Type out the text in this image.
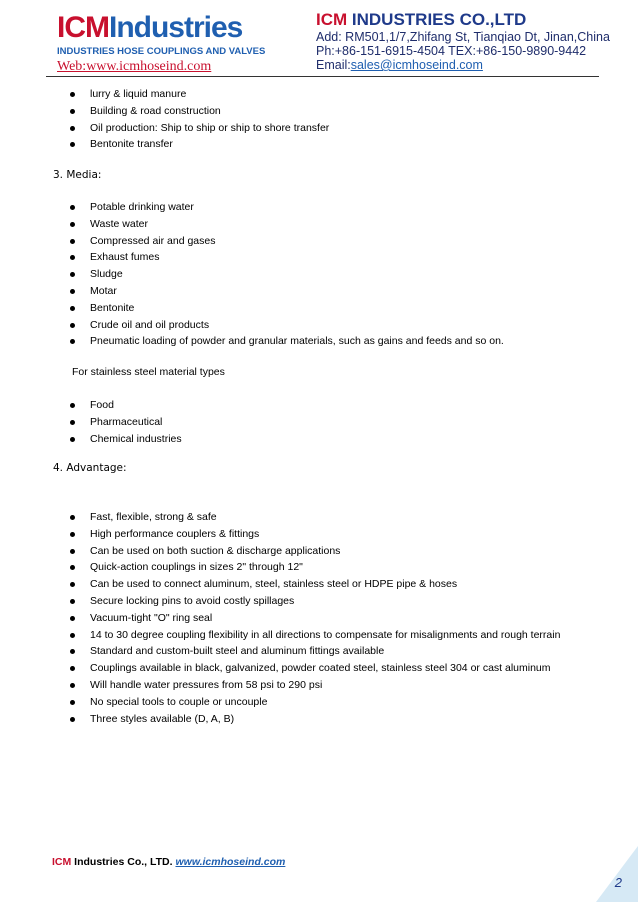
ICMIndustries
INDUSTRIES HOSE COUPLINGS AND VALVES
Web:www.icmhoseind.com
ICM INDUSTRIES CO.,LTD
Add: RM501,1/7,Zhifang St, Tianqiao Dt, Jinan,China
Ph:+86-151-6915-4504 TEX:+86-150-9890-9442
Email:sales@icmhoseind.com
lurry & liquid manure
Building & road construction
Oil production: Ship to ship or ship to shore transfer
Bentonite transfer
3. Media:
Potable drinking water
Waste water
Compressed air and gases
Exhaust fumes
Sludge
Motar
Bentonite
Crude oil and oil products
Pneumatic loading of powder and granular materials, such as gains and feeds and so on.
For stainless steel material types
Food
Pharmaceutical
Chemical industries
4. Advantage:
Fast, flexible, strong & safe
High performance couplers & fittings
Can be used on both suction & discharge applications
Quick-action couplings in sizes 2" through 12"
Can be used to connect aluminum, steel, stainless steel or HDPE pipe & hoses
Secure locking pins to avoid costly spillages
Vacuum-tight "O" ring seal
14 to 30 degree coupling flexibility in all directions to compensate for misalignments and rough terrain
Standard and custom-built steel and aluminum fittings available
Couplings available in black, galvanized, powder coated steel, stainless steel 304 or cast aluminum
Will handle water pressures from 58 psi to 290 psi
No special tools to couple or uncouple
Three styles available (D, A, B)
ICM Industries Co., LTD. www.icmhoseind.com
2
